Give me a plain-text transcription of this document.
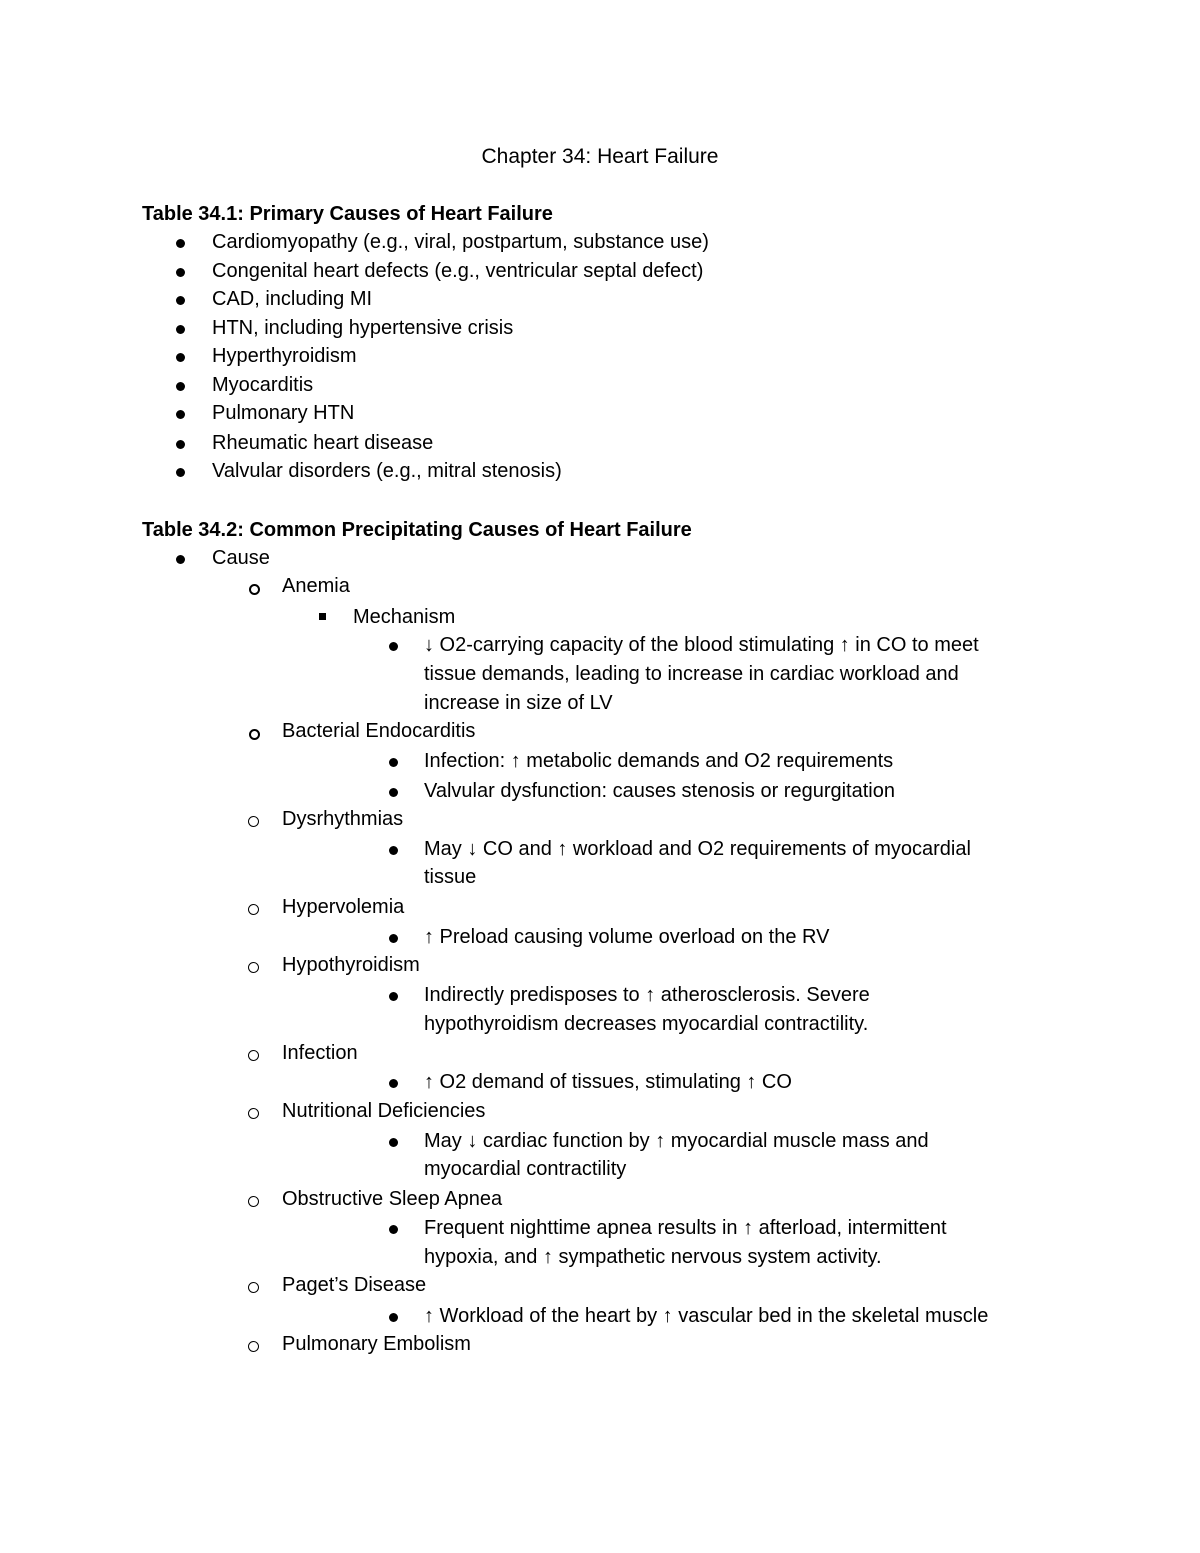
Chapter 34: Heart Failure
Table 34.1: Primary Causes of Heart Failure
Cardiomyopathy (e.g., viral, postpartum, substance use)
Congenital heart defects (e.g., ventricular septal defect)
CAD, including MI
HTN, including hypertensive crisis
Hyperthyroidism
Myocarditis
Pulmonary HTN
Rheumatic heart disease
Valvular disorders (e.g., mitral stenosis)
Table 34.2: Common Precipitating Causes of Heart Failure
Cause
Anemia
Mechanism
↓ O2-carrying capacity of the blood stimulating ↑ in CO to meet
tissue demands, leading to increase in cardiac workload and
increase in size of LV
Bacterial Endocarditis
Infection: ↑ metabolic demands and O2 requirements
Valvular dysfunction: causes stenosis or regurgitation
Dysrhythmias
May ↓ CO and ↑ workload and O2 requirements of myocardial
tissue
Hypervolemia
↑ Preload causing volume overload on the RV
Hypothyroidism
Indirectly predisposes to ↑ atherosclerosis. Severe
hypothyroidism decreases myocardial contractility.
Infection
↑ O2 demand of tissues, stimulating ↑ CO
Nutritional Deficiencies
May ↓ cardiac function by ↑ myocardial muscle mass and
myocardial contractility
Obstructive Sleep Apnea
Frequent nighttime apnea results in ↑ afterload, intermittent
hypoxia, and ↑ sympathetic nervous system activity.
Paget’s Disease
↑ Workload of the heart by ↑ vascular bed in the skeletal muscle
Pulmonary Embolism
